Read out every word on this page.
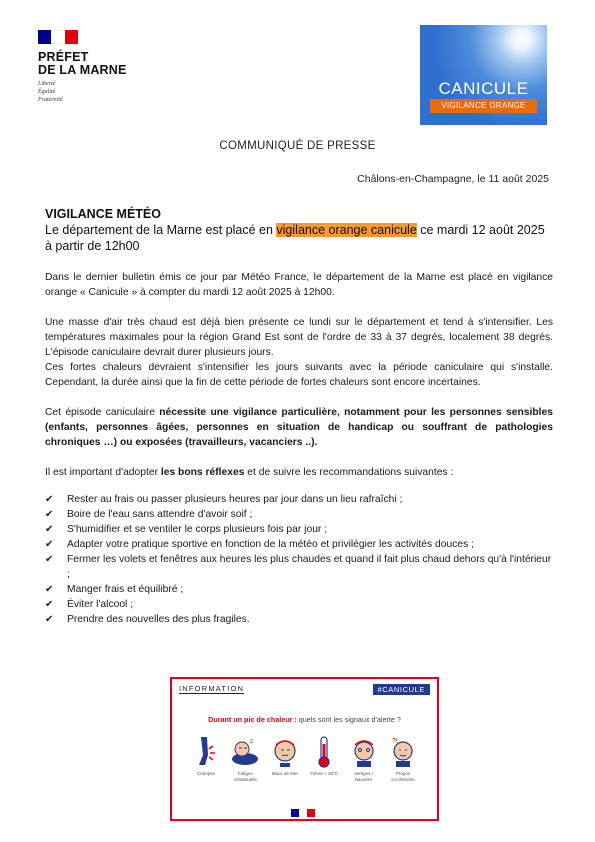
PRÉFET
DE LA MARNE
Liberté
Égalité
Fraternité
CANICULE
VIGILANCE ORANGE
COMMUNIQUÉ DE PRESSE
Châlons-en-Champagne, le 11 août 2025
VIGILANCE MÉTÉO
Le département de la Marne est placé en vigilance orange canicule ce mardi 12 août 2025 à partir de 12h00

Dans le dernier bulletin émis ce jour par Météo France, le département de la Marne est placé en vigilance orange « Canicule » à compter du mardi 12 août 2025 à 12h00.

Une masse d'air très chaud est déjà bien présente ce lundi sur le département et tend à s'intensifier. Les températures maximales pour la région Grand Est sont de l'ordre de 33 à 37 degrés, localement 38 degrés. L'épisode caniculaire devrait durer plusieurs jours.

Ces fortes chaleurs devraient s'intensifier les jours suivants avec la période caniculaire qui s'installe. Cependant, la durée ainsi que la fin de cette période de fortes chaleurs sont encore incertaines.

Cet épisode caniculaire nécessite une vigilance particulière, notamment pour les personnes sensibles (enfants, personnes âgées, personnes en situation de handicap ou souffrant de pathologies chroniques …) ou exposées (travailleurs, vacanciers ..).

Il est important d'adopter les bons réflexes et de suivre les recommandations suivantes :

✔ Rester au frais ou passer plusieurs heures par jour dans un lieu rafraîchi ;
✔ Boire de l'eau sans attendre d'avoir soif ;
✔ S'humidifier et se ventiler le corps plusieurs fois par jour ;
✔ Adapter votre pratique sportive en fonction de la météo et privilégier les activités douces ;
✔ Fermer les volets et fenêtres aux heures les plus chaudes et quand il fait plus chaud dehors qu'à l'intérieur ;
✔ Manger frais et équilibré ;
✔ Éviter l'alcool ;
✔ Prendre des nouvelles des plus fragiles.
INFORMATION	#CANICULE
Durant un pic de chaleur : quels sont les signaux d'alerte ?
Crampes
z
Fatigue inhabituelle
Maux de tête	Fièvre > 38°C	Vertiges / Nausées
?!
Propos incohérents
